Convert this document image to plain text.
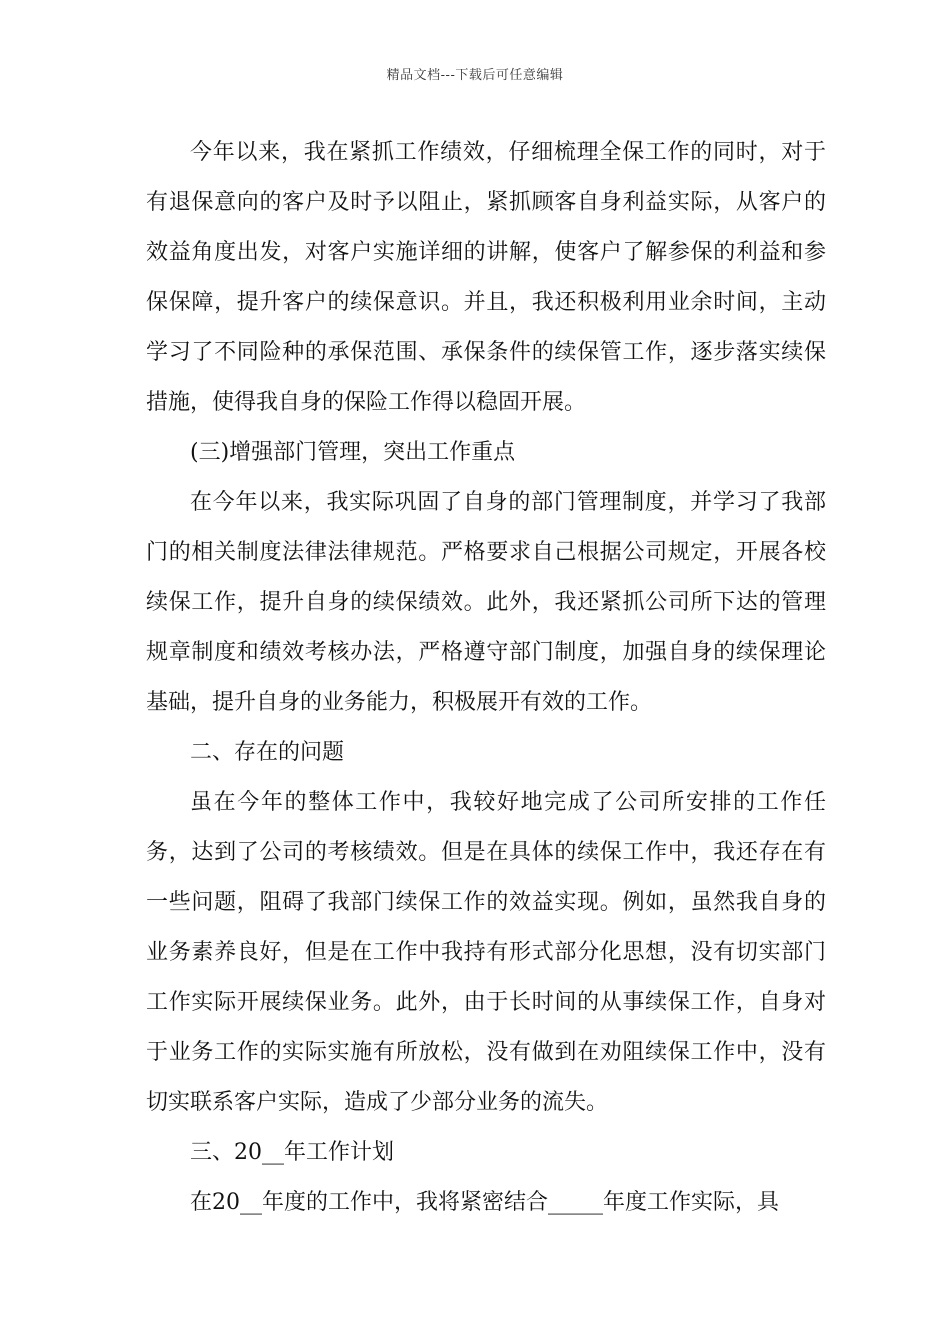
精品文档---下载后可任意编辑

今年以来，我在紧抓工作绩效，仔细梳理全保工作的同时，对于有退保意向的客户及时予以阻止，紧抓顾客自身利益实际，从客户的效益角度出发，对客户实施详细的讲解，使客户了解参保的利益和参保保障，提升客户的续保意识。并且，我还积极利用业余时间，主动学习了不同险种的承保范围、承保条件的续保管工作，逐步落实续保措施，使得我自身的保险工作得以稳固开展。

(三)增强部门管理，突出工作重点

在今年以来，我实际巩固了自身的部门管理制度，并学习了我部门的相关制度法律法律规范。严格要求自己根据公司规定，开展各校续保工作，提升自身的续保绩效。此外，我还紧抓公司所下达的管理规章制度和绩效考核办法，严格遵守部门制度，加强自身的续保理论基础，提升自身的业务能力，积极展开有效的工作。

二、存在的问题

虽在今年的整体工作中，我较好地完成了公司所安排的工作任务，达到了公司的考核绩效。但是在具体的续保工作中，我还存在有一些问题，阻碍了我部门续保工作的效益实现。例如，虽然我自身的业务素养良好，但是在工作中我持有形式部分化思想，没有切实部门工作实际开展续保业务。此外，由于长时间的从事续保工作，自身对于业务工作的实际实施有所放松，没有做到在劝阻续保工作中，没有切实联系客户实际，造成了少部分业务的流失。

三、20__年工作计划

在20__年度的工作中，我将紧密结合_____年度工作实际，具
